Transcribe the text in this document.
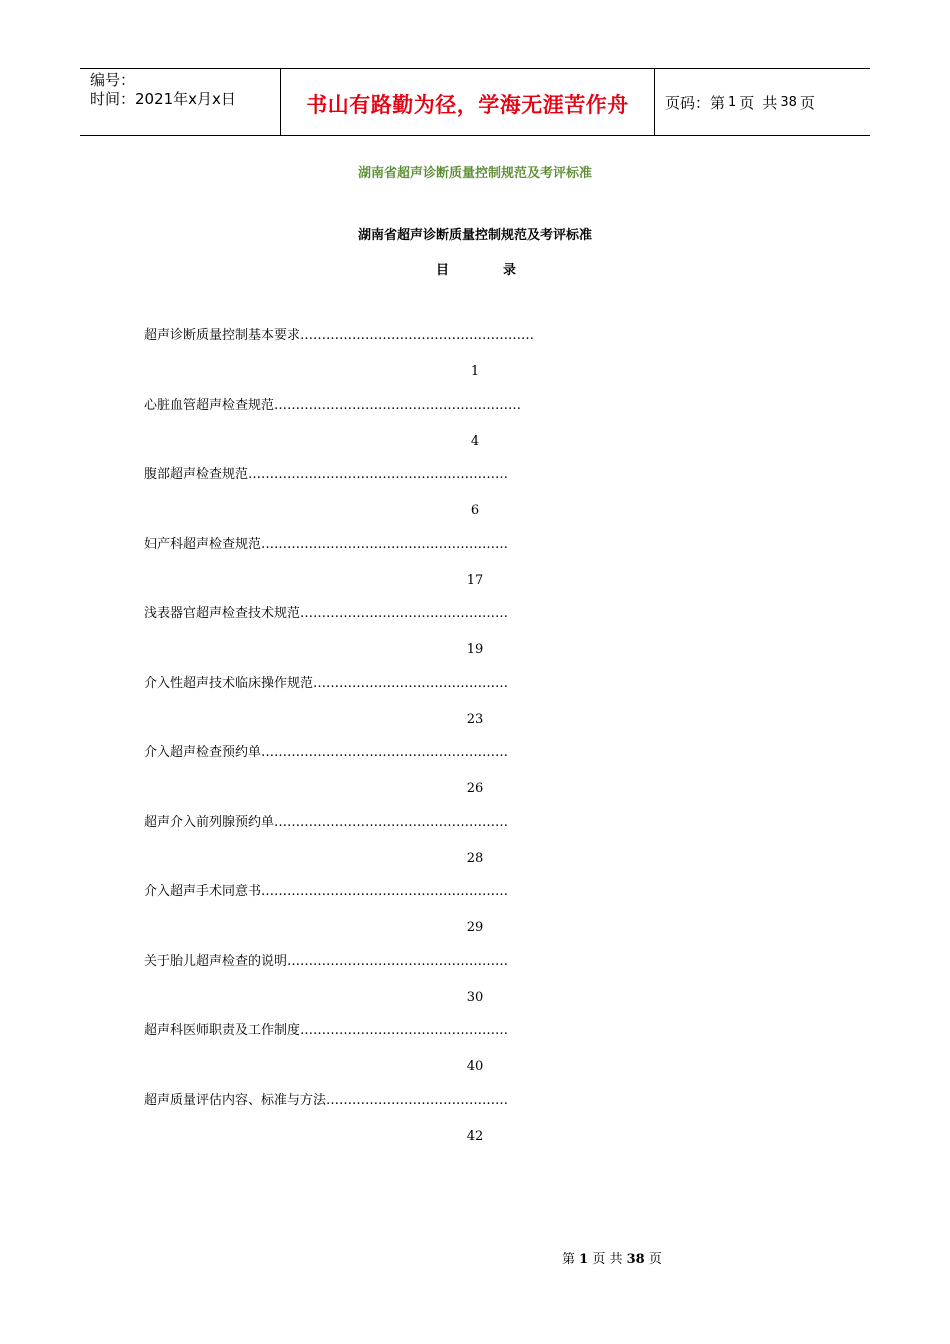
编号：
时间：2021年x月x日	书山有路勤为径，学海无涯苦作舟	页码：第 1 页 共 38 页
湖南省超声诊断质量控制规范及考评标准
湖南省超声诊断质量控制规范及考评标准
目	录
超声诊断质量控制基本要求………………………………………………
1
心脏血管超声检查规范…………………………………………………
4
腹部超声检查规范……………………………………………………
6
妇产科超声检查规范…………………………………………………
17
浅表器官超声检查技术规范…………………………………………
19
介入性超声技术临床操作规范………………………………………
23
介入超声检查预约单…………………………………………………
26
超声介入前列腺预约单………………………………………………
28
介入超声手术同意书…………………………………………………
29
关于胎儿超声检查的说明……………………………………………
30
超声科医师职责及工作制度…………………………………………
40
超声质量评估内容、标准与方法……………………………………
42
第 1 页 共 38 页
